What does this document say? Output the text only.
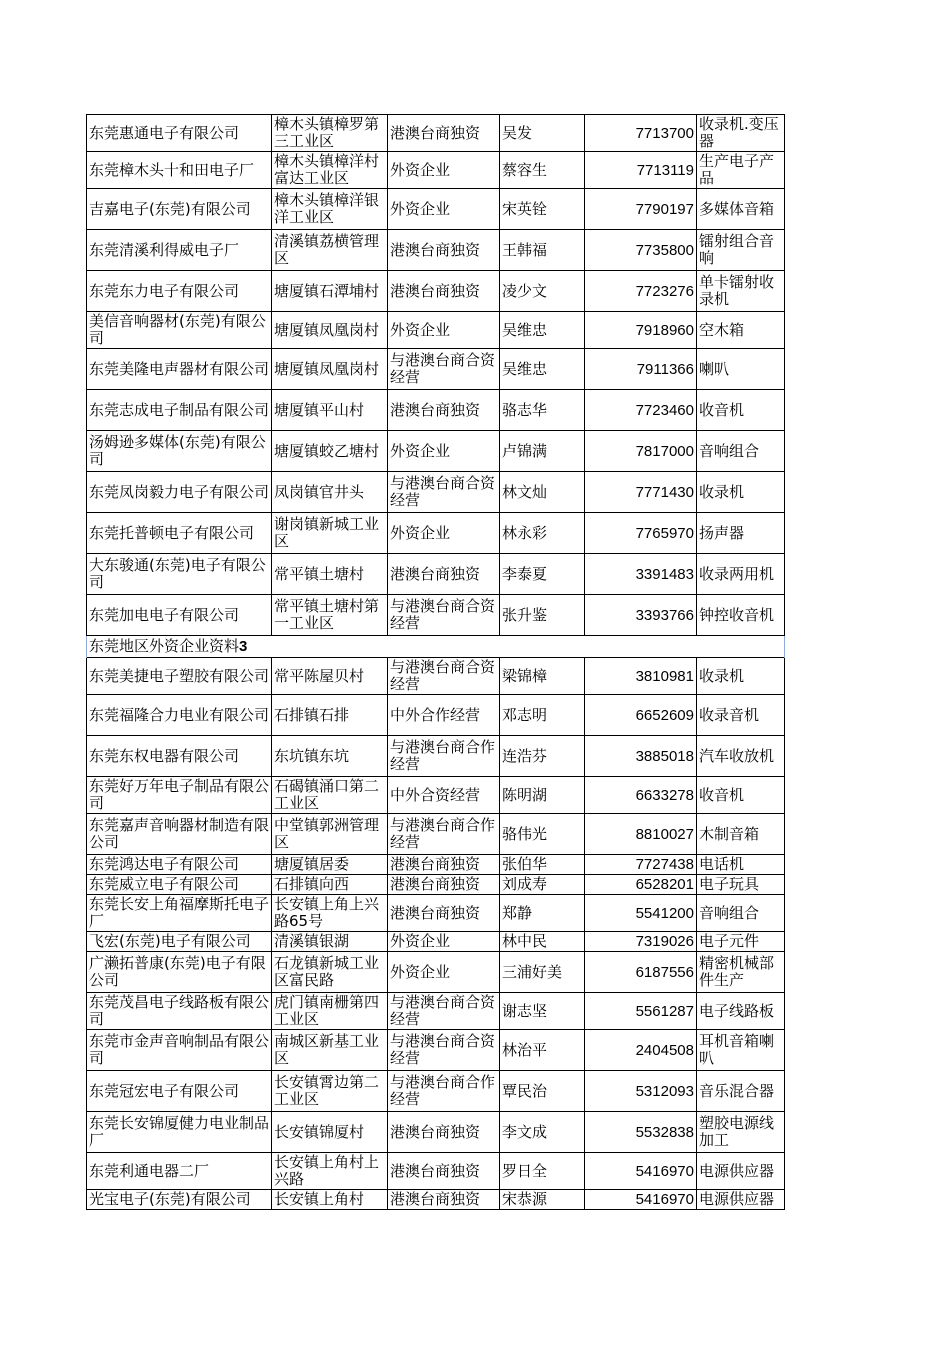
东莞惠通电子有限公司	樟木头镇樟罗第三工业区	港澳台商独资	吴发	7713700	收录机.变压器
东莞樟木头十和田电子厂	樟木头镇樟洋村富达工业区	外资企业	蔡容生	7713119	生产电子产品
吉嘉电子(东莞)有限公司	樟木头镇樟洋银洋工业区	外资企业	宋英铨	7790197	多媒体音箱
东莞清溪利得威电子厂	清溪镇荔横管理区	港澳台商独资	王韩福	7735800	镭射组合音响
东莞东力电子有限公司	塘厦镇石潭埔村	港澳台商独资	凌少文	7723276	单卡镭射收录机
美信音响器材(东莞)有限公司	塘厦镇凤凰岗村	外资企业	吴维忠	7918960	空木箱
东莞美隆电声器材有限公司	塘厦镇凤凰岗村	与港澳台商合资经营	吴维忠	7911366	喇叭
东莞志成电子制品有限公司	塘厦镇平山村	港澳台商独资	骆志华	7723460	收音机
汤姆逊多媒体(东莞)有限公司	塘厦镇蛟乙塘村	外资企业	卢锦满	7817000	音响组合
东莞凤岗毅力电子有限公司	凤岗镇官井头	与港澳台商合资经营	林文灿	7771430	收录机
东莞托普顿电子有限公司	谢岗镇新城工业区	外资企业	林永彩	7765970	扬声器
大东骏通(东莞)电子有限公司	常平镇土塘村	港澳台商独资	李泰夏	3391483	收录两用机
东莞加电电子有限公司	常平镇土塘村第一工业区	与港澳台商合资经营	张升鉴	3393766	钟控收音机
东莞地区外资企业资料3					
东莞美捷电子塑胶有限公司	常平陈屋贝村	与港澳台商合资经营	梁锦樟	3810981	收录机
东莞福隆合力电业有限公司	石排镇石排	中外合作经营	邓志明	6652609	收录音机
东莞东权电器有限公司	东坑镇东坑	与港澳台商合作经营	连浩芬	3885018	汽车收放机
东莞好万年电子制品有限公司	石碣镇涌口第二工业区	中外合资经营	陈明湖	6633278	收音机
东莞嘉声音响器材制造有限公司	中堂镇郭洲管理区	与港澳台商合作经营	骆伟光	8810027	木制音箱
东莞鸿达电子有限公司	塘厦镇居委	港澳台商独资	张伯华	7727438	电话机
东莞威立电子有限公司	石排镇向西	港澳台商独资	刘成寿	6528201	电子玩具
东莞长安上角福摩斯托电子厂	长安镇上角上兴路65号	港澳台商独资	郑静	5541200	音响组合
飞宏(东莞)电子有限公司	清溪镇银湖	外资企业	林中民	7319026	电子元件
广濑拓普康(东莞)电子有限公司	石龙镇新城工业区富民路	外资企业	三浦好美	6187556	精密机械部件生产
东莞茂昌电子线路板有限公司	虎门镇南栅第四工业区	与港澳台商合资经营	谢志坚	5561287	电子线路板
东莞市金声音响制品有限公司	南城区新基工业区	与港澳台商合资经营	林治平	2404508	耳机音箱喇叭
东莞冠宏电子有限公司	长安镇霄边第二工业区	与港澳台商合作经营	覃民治	5312093	音乐混合器
东莞长安锦厦健力电业制品厂	长安镇锦厦村	港澳台商独资	李文成	5532838	塑胶电源线加工
东莞利通电器二厂	长安镇上角村上兴路	港澳台商独资	罗日全	5416970	电源供应器
光宝电子(东莞)有限公司	长安镇上角村	港澳台商独资	宋恭源	5416970	电源供应器
